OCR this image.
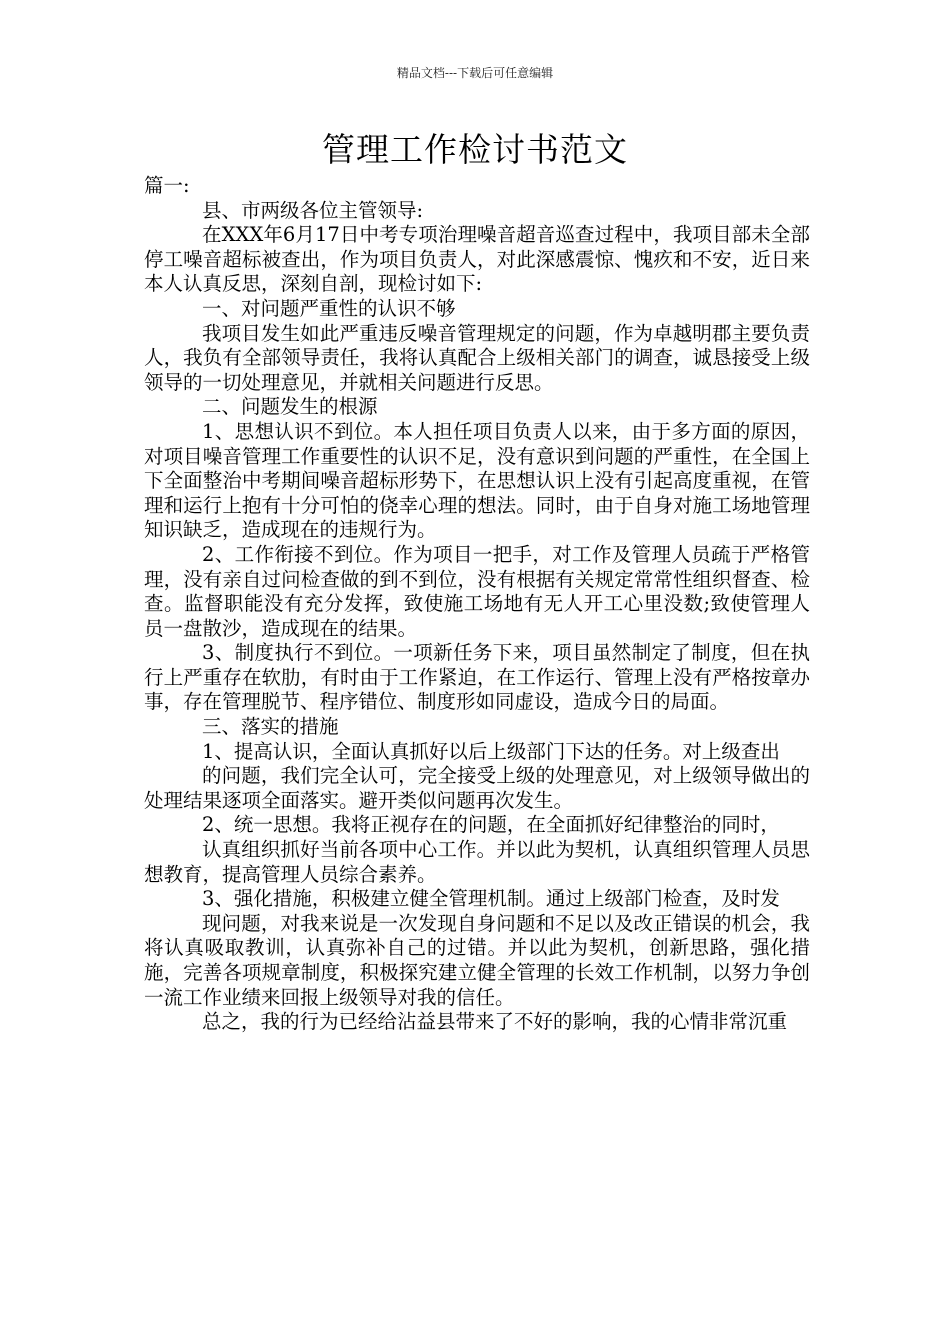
精品文档---下载后可任意编辑
管理工作检讨书范文

篇一:

县、市两级各位主管领导:

在XXX年6月17日中考专项治理噪音超音巡查过程中，我项目部未全部停工噪音超标被查出，作为项目负责人，对此深感震惊、愧疚和不安，近日来本人认真反思，深刻自剖，现检讨如下:

一、对问题严重性的认识不够

我项目发生如此严重违反噪音管理规定的问题，作为卓越明郡主要负责人，我负有全部领导责任，我将认真配合上级相关部门的调查，诚恳接受上级领导的一切处理意见，并就相关问题进行反思。

二、问题发生的根源

1、思想认识不到位。本人担任项目负责人以来，由于多方面的原因，对项目噪音管理工作重要性的认识不足，没有意识到问题的严重性，在全国上下全面整治中考期间噪音超标形势下，在思想认识上没有引起高度重视，在管理和运行上抱有十分可怕的侥幸心理的想法。同时，由于自身对施工场地管理知识缺乏，造成现在的违规行为。

2、工作衔接不到位。作为项目一把手，对工作及管理人员疏于严格管理，没有亲自过问检查做的到不到位，没有根据有关规定常常性组织督查、检查。监督职能没有充分发挥，致使施工场地有无人开工心里没数;致使管理人员一盘散沙，造成现在的结果。

3、制度执行不到位。一项新任务下来，项目虽然制定了制度，但在执行上严重存在软肋，有时由于工作紧迫，在工作运行、管理上没有严格按章办事，存在管理脱节、程序错位、制度形如同虚设，造成今日的局面。

三、落实的措施

1、提高认识，全面认真抓好以后上级部门下达的任务。对上级查出

的问题，我们完全认可，完全接受上级的处理意见，对上级领导做出的处理结果逐项全面落实。避开类似问题再次发生。

2、统一思想。我将正视存在的问题，在全面抓好纪律整治的同时，

认真组织抓好当前各项中心工作。并以此为契机，认真组织管理人员思想教育，提高管理人员综合素养。

3、强化措施，积极建立健全管理机制。通过上级部门检查，及时发

现问题，对我来说是一次发现自身问题和不足以及改正错误的机会，我将认真吸取教训，认真弥补自己的过错。并以此为契机，创新思路，强化措施，完善各项规章制度，积极探究建立健全管理的长效工作机制，以努力争创一流工作业绩来回报上级领导对我的信任。

总之，我的行为已经给沾益县带来了不好的影响，我的心情非常沉重
